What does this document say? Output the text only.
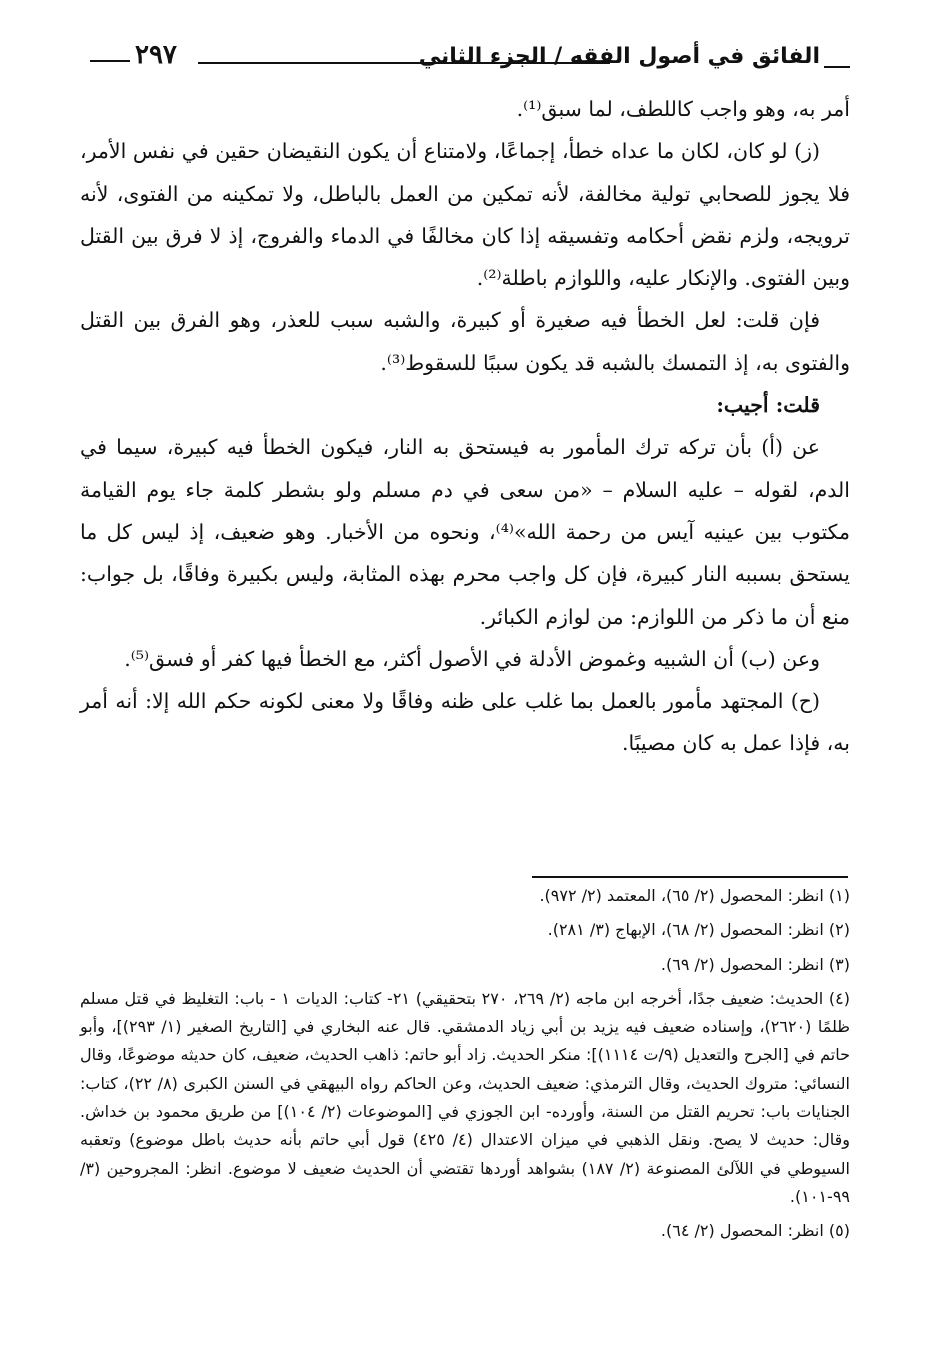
٢٩٧	الفائق في أصول الفقه / الجزء الثاني

أمر به، وهو واجب كاللطف، لما سبق⁽¹⁾.

(ز) لو كان، لكان ما عداه خطأ، إجماعًا، ولامتناع أن يكون النقيضان حقين في نفس الأمر، فلا يجوز للصحابي تولية مخالفة، لأنه تمكين من العمل بالباطل، ولا تمكينه من الفتوى، لأنه ترويجه، ولزم نقض أحكامه وتفسيقه إذا كان مخالفًا في الدماء والفروج، إذ لا فرق بين القتل وبين الفتوى. والإنكار عليه، واللوازم باطلة⁽²⁾.

فإن قلت: لعل الخطأ فيه صغيرة أو كبيرة، والشبه سبب للعذر، وهو الفرق بين القتل والفتوى به، إذ التمسك بالشبه قد يكون سببًا للسقوط⁽³⁾.

قلت: أجيب:

عن (أ) بأن تركه ترك المأمور به فيستحق به النار، فيكون الخطأ فيه كبيرة، سيما في الدم، لقوله – عليه السلام – «من سعى في دم مسلم ولو بشطر كلمة جاء يوم القيامة مكتوب بين عينيه آيس من رحمة الله»⁽⁴⁾، ونحوه من الأخبار. وهو ضعيف، إذ ليس كل ما يستحق بسببه النار كبيرة، فإن كل واجب محرم بهذه المثابة، وليس بكبيرة وفاقًا، بل جواب: منع أن ما ذكر من اللوازم: من لوازم الكبائر.

وعن (ب) أن الشبيه وغموض الأدلة في الأصول أكثر، مع الخطأ فيها كفر أو فسق⁽⁵⁾.

(ح) المجتهد مأمور بالعمل بما غلب على ظنه وفاقًا ولا معنى لكونه حكم الله إلا: أنه أمر به، فإذا عمل به كان مصيبًا.

(١) انظر: المحصول (٢/ ٦٥)، المعتمد (٢/ ٩٧٢).

(٢) انظر: المحصول (٢/ ٦٨)، الإبهاج (٣/ ٢٨١).

(٣) انظر: المحصول (٢/ ٦٩).

(٤) الحديث: ضعيف جدًا، أخرجه ابن ماجه (٢/ ٢٦٩، ٢٧٠ بتحقيقي) ٢١- كتاب: الديات ١ - باب: التغليظ في قتل مسلم ظلمًا (٢٦٢٠)، وإسناده ضعيف فيه يزيد بن أبي زياد الدمشقي. قال عنه البخاري في [التاريخ الصغير (١/ ٢٩٣)]، وأبو حاتم في [الجرح والتعديل (٩/ت ١١١٤)]: منكر الحديث. زاد أبو حاتم: ذاهب الحديث، ضعيف، كان حديثه موضوعًا، وقال النسائي: متروك الحديث، وقال الترمذي: ضعيف الحديث، وعن الحاكم رواه البيهقي في السنن الكبرى (٨/ ٢٢)، كتاب: الجنايات باب: تحريم القتل من السنة، وأورده- ابن الجوزي في [الموضوعات (٢/ ١٠٤)] من طريق محمود بن خداش. وقال: حديث لا يصح. ونقل الذهبي في ميزان الاعتدال (٤/ ٤٢٥) قول أبي حاتم بأنه حديث باطل موضوع) وتعقبه السيوطي في اللآلئ المصنوعة (٢/ ١٨٧) بشواهد أوردها تقتضي أن الحديث ضعيف لا موضوع. انظر: المجروحين (٣/ ٩٩-١٠١).

(٥) انظر: المحصول (٢/ ٦٤).
